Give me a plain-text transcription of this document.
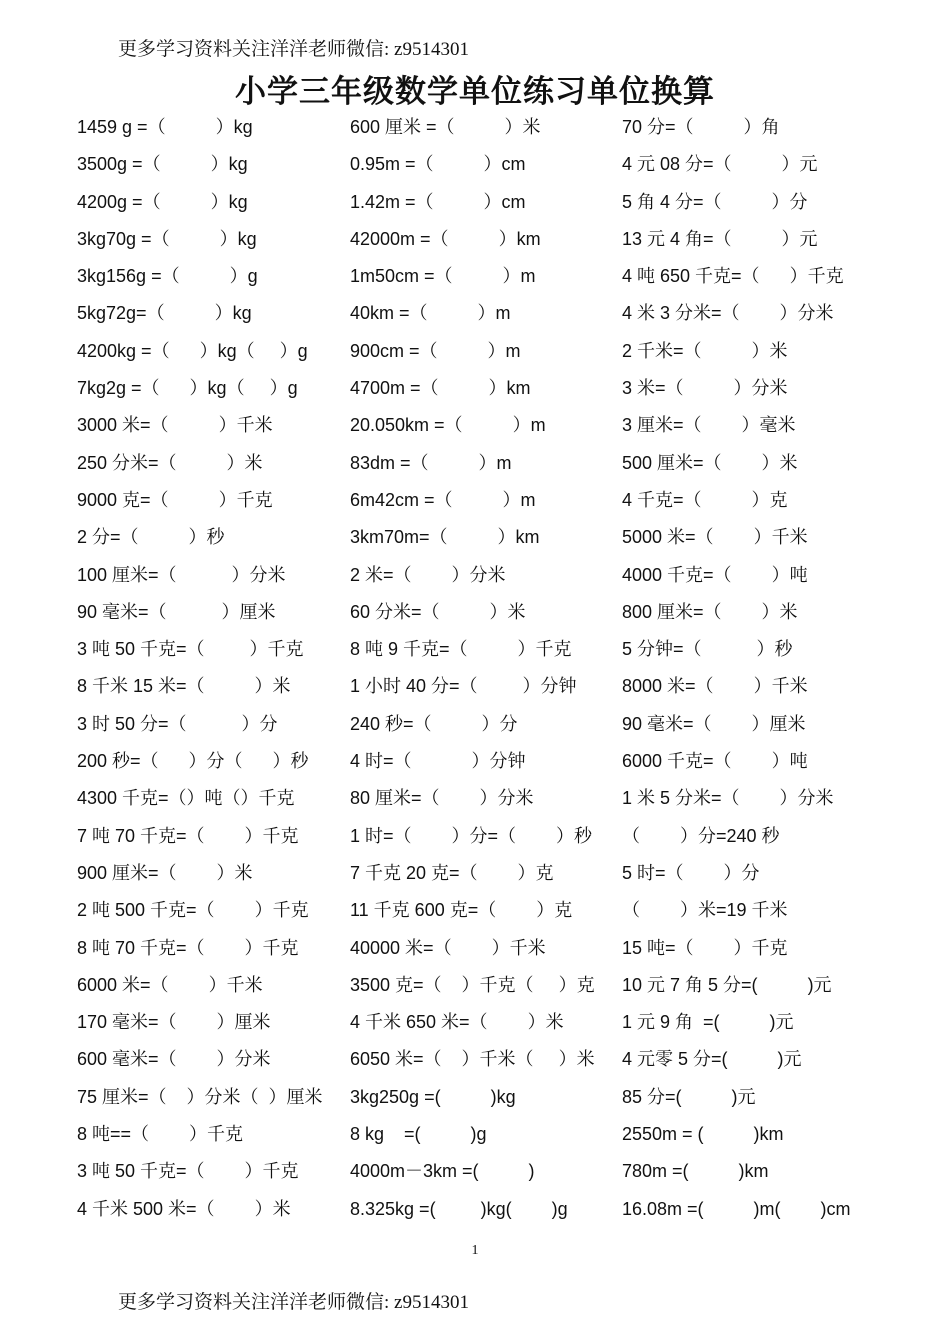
更多学习资料关注洋洋老师微信: z9514301
小学三年级数学单位练习单位换算
1459 g =（          ）kg
3500g =（          ）kg
4200g =（          ）kg
3kg70g =（          ）kg
3kg156g =（          ）g
5kg72g=（          ）kg
4200kg =（      ）kg（     ）g
7kg2g =（      ）kg（     ）g
3000 米=（          ）千米
250 分米=（          ）米
9000 克=（          ）千克
2 分=（          ）秒
100 厘米=（           ）分米
90 毫米=（           ）厘米
3 吨 50 千克=（         ）千克
8 千米 15 米=（          ）米
3 时 50 分=（           ）分
200 秒=（      ）分（      ）秒
4300 千克=（）吨（）千克
7 吨 70 千克=（        ）千克
900 厘米=（        ）米
2 吨 500 千克=（        ）千克
8 吨 70 千克=（        ）千克
6000 米=（        ）千米
170 毫米=（        ）厘米
600 毫米=（        ）分米
75 厘米=（    ）分米（  ）厘米
8 吨==（        ）千克
3 吨 50 千克=（        ）千克
4 千米 500 米=（        ）米
600 厘米 =（          ）米
0.95m =（          ）cm
1.42m =（          ）cm
42000m =（          ）km
1m50cm =（          ）m
40km =（          ）m
900cm =（          ）m
4700m =（          ）km
20.050km =（          ）m
83dm =（          ）m
6m42cm =（          ）m
3km70m=（          ）km
2 米=（        ）分米
60 分米=（          ）米
8 吨 9 千克=（          ）千克
1 小时 40 分=（         ）分钟
240 秒=（          ）分
4 时=（            ）分钟
80 厘米=（        ）分米
1 时=（        ）分=（        ）秒
7 千克 20 克=（        ）克
11 千克 600 克=（        ）克
40000 米=（        ）千米
3500 克=（    ）千克（     ）克
4 千米 650 米=（        ）米
6050 米=（    ）千米（     ）米
3kg250g =(          )kg
8 kg    =(          )g
4000m－3km =(          )
8.325kg =(         )kg(        )g
70 分=（          ）角
4 元 08 分=（          ）元
5 角 4 分=（          ）分
13 元 4 角=（          ）元
4 吨 650 千克=（      ）千克
4 米 3 分米=（        ）分米
2 千米=（          ）米
3 米=（          ）分米
3 厘米=（        ）毫米
500 厘米=（        ）米
4 千克=（          ）克
5000 米=（        ）千米
4000 千克=（        ）吨
800 厘米=（        ）米
5 分钟=（           ）秒
8000 米=（        ）千米
90 毫米=（        ）厘米
6000 千克=（        ）吨
1 米 5 分米=（        ）分米
（        ）分=240 秒
5 时=（        ）分
（        ）米=19 千米
15 吨=（        ）千克
10 元 7 角 5 分=(          )元
1 元 9 角  =(          )元
4 元零 5 分=(          )元
85 分=(          )元
2550m = (          )km
780m =(          )km
16.08m =(          )m(        )cm
1
更多学习资料关注洋洋老师微信: z9514301
